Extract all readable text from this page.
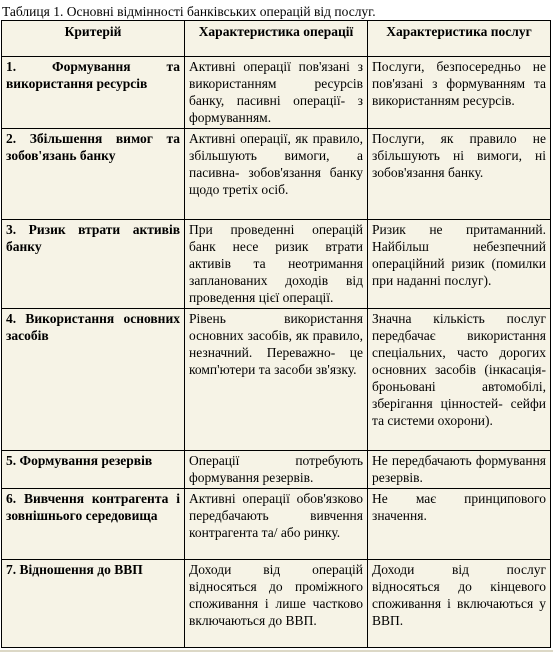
Таблиця 1. Основні відмінності банківських операцій від послуг.
Критерій	Характеристика операції	Характеристика послуг
1. Формування та використання ресурсів	Активні операції пов'язані з використанням ресурсів банку, пасивні операції- з формуванням.	Послуги, безпосередньо не пов'язані з формуванням та використанням ресурсів.
2. Збільшення вимог та зобов'язань банку	Активні операції, як правило, збільшують вимоги, а пасивна- зобов'язання банку щодо третіх осіб.	Послуги, як правило не збільшують ні вимоги, ні зобов'язання банку.
3. Ризик втрати активів банку	При проведенні операцій банк несе ризик втрати активів та неотримання запланованих доходів від проведення цієї операції.	Ризик не притаманний. Найбільш небезпечний операційний ризик (помилки при наданні послуг).
4. Використання основних засобів	Рівень використання основних засобів, як правило, незначний. Переважно- це комп'ютери та засоби зв'язку.	Значна кількість послуг передбачає використання спеціальних, часто дорогих основних засобів (інкасація- броньовані автомобілі, зберігання цінностей- сейфи та системи охорони).
5. Формування резервів	Операції потребують формування резервів.	Не передбачають формування резервів.
6. Вивчення контрагента і зовнішнього середовища	Активні операції обов'язково передбачають вивчення контрагента та/ або ринку.	Не має принципового значення.
7. Відношення до ВВП	Доходи від операцій відносяться до проміжного споживання і лише частково включаються до ВВП.	Доходи від послуг відносяться до кінцевого споживання і включаються у ВВП.
